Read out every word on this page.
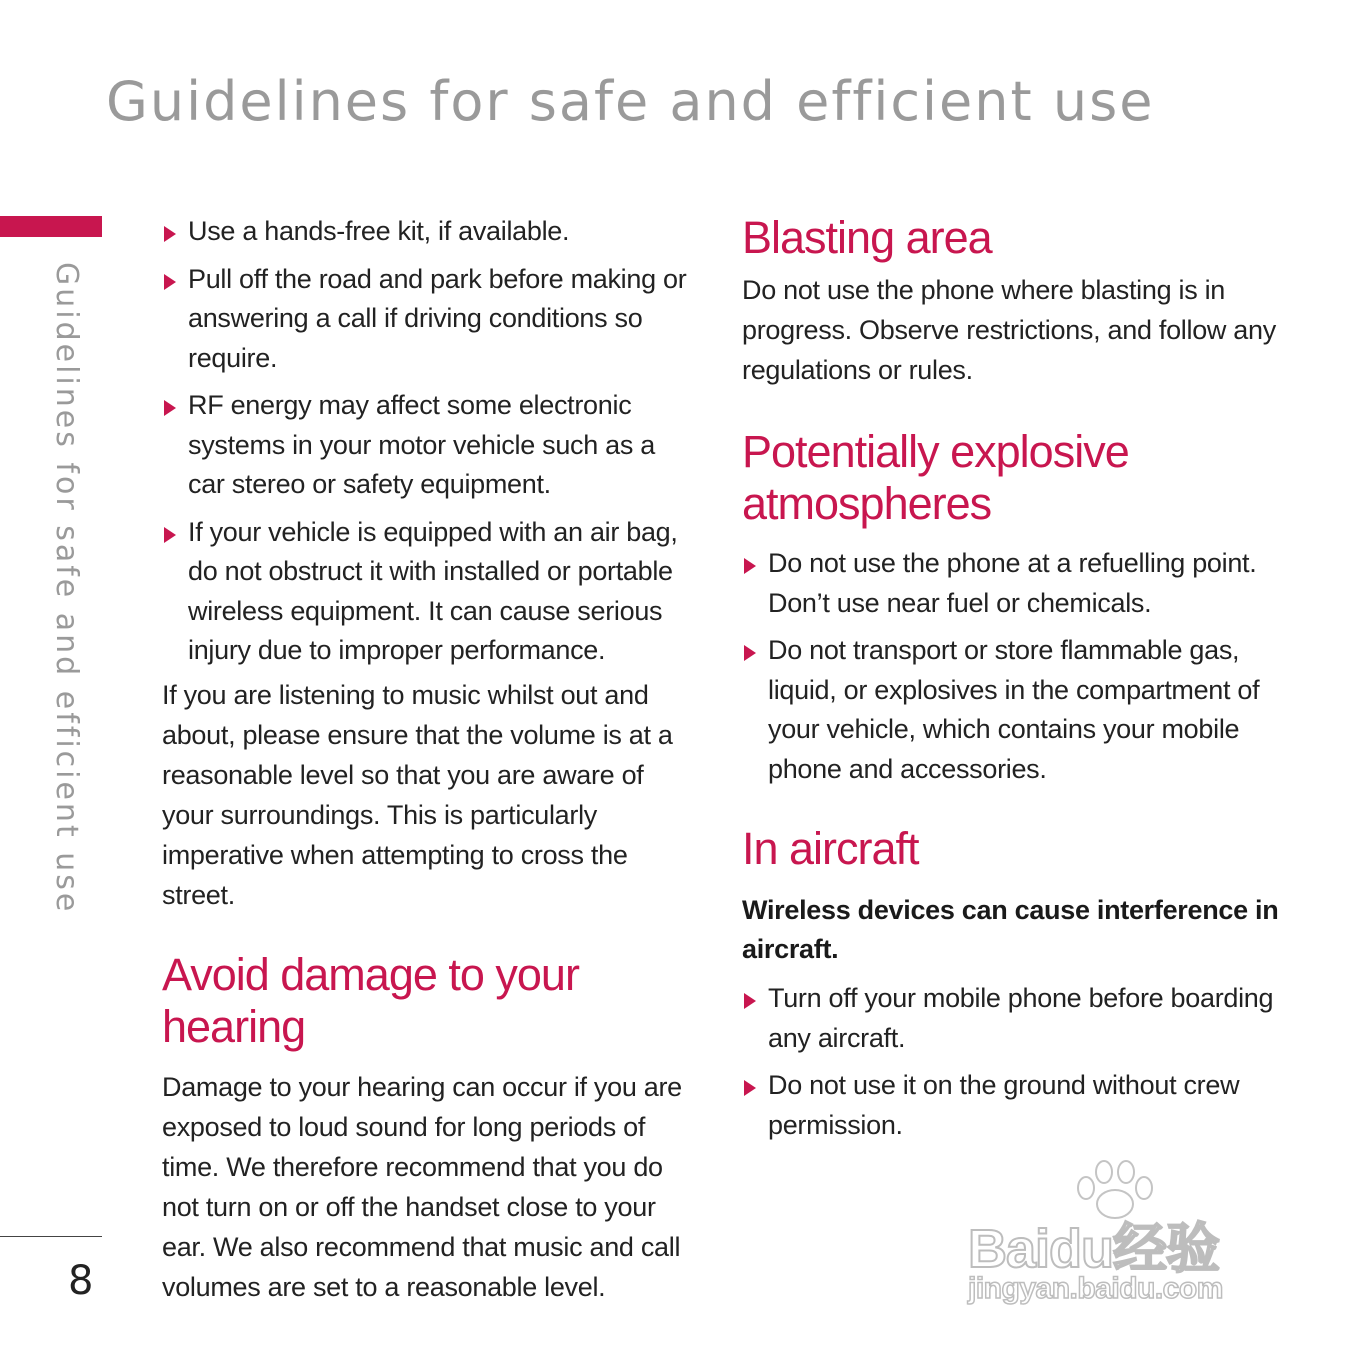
Guidelines for safe and efficient use
Guidelines for safe and efficient use
8
Use a hands-free kit, if available.
Pull off the road and park before making or answering a call if driving conditions so require.
RF energy may affect some electronic systems in your motor vehicle such as a car stereo or safety equipment.
If your vehicle is equipped with an air bag, do not obstruct it with installed or portable wireless equipment. It can cause serious injury due to improper performance.

If you are listening to music whilst out and about, please ensure that the volume is at a reasonable level so that you are aware of your surroundings. This is particularly imperative when attempting to cross the street.

Avoid damage to your hearing

Damage to your hearing can occur if you are exposed to loud sound for long periods of time. We therefore recommend that you do not turn on or off the handset close to your ear. We also recommend that music and call volumes are set to a reasonable level.

Blasting area

Do not use the phone where blasting is in progress. Observe restrictions, and follow any regulations or rules.

Potentially explosive atmospheres
Do not use the phone at a refuelling point. Don’t use near fuel or chemicals.
Do not transport or store flammable gas, liquid, or explosives in the compartment of your vehicle, which contains your mobile phone and accessories.
In aircraft

Wireless devices can cause interference in aircraft.

Turn off your mobile phone before boarding any aircraft.
Do not use it on the ground without crew permission.
Baidu经验
jingyan.baidu.com
